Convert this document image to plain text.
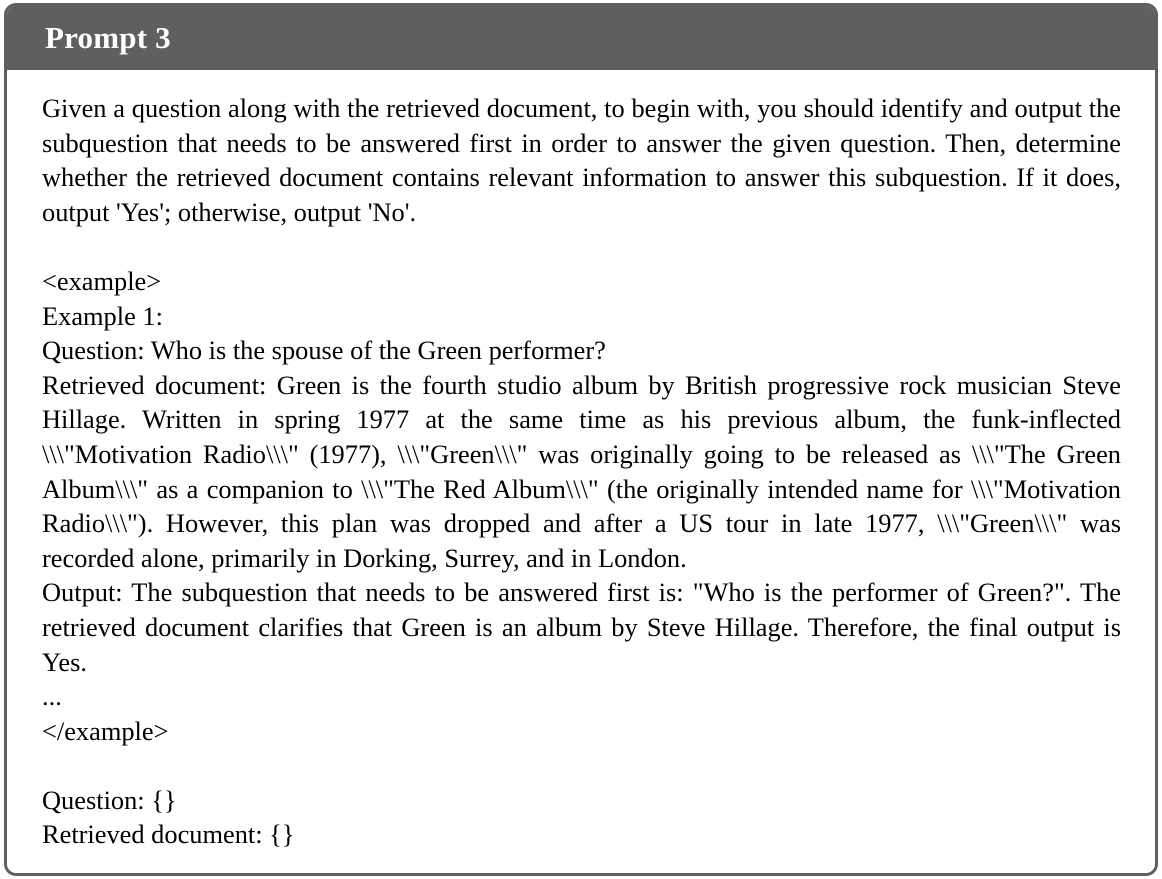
Prompt 3

Given a question along with the retrieved document, to begin with, you should identify and output the subquestion that needs to be answered first in order to answer the given question. Then, determine whether the retrieved document contains relevant information to answer this subquestion. If it does, output 'Yes'; otherwise, output 'No'.

<example>
Example 1:
Question: Who is the spouse of the Green performer?

Retrieved document: Green is the fourth studio album by British progressive rock musician Steve Hillage. Written in spring 1977 at the same time as his previous album, the funk-inflected \\\"Motivation Radio\\\" (1977), \\\"Green\\\" was originally going to be released as \\\"The Green Album\\\" as a companion to \\\"The Red Album\\\" (the originally intended name for \\\"Motivation Radio\\\"). However, this plan was dropped and after a US tour in late 1977, \\\"Green\\\" was recorded alone, primarily in Dorking, Surrey, and in London.

Output: The subquestion that needs to be answered first is: "Who is the performer of Green?". The retrieved document clarifies that Green is an album by Steve Hillage. Therefore, the final output is Yes.

...
</example>
Question: {}
Retrieved document: {}
